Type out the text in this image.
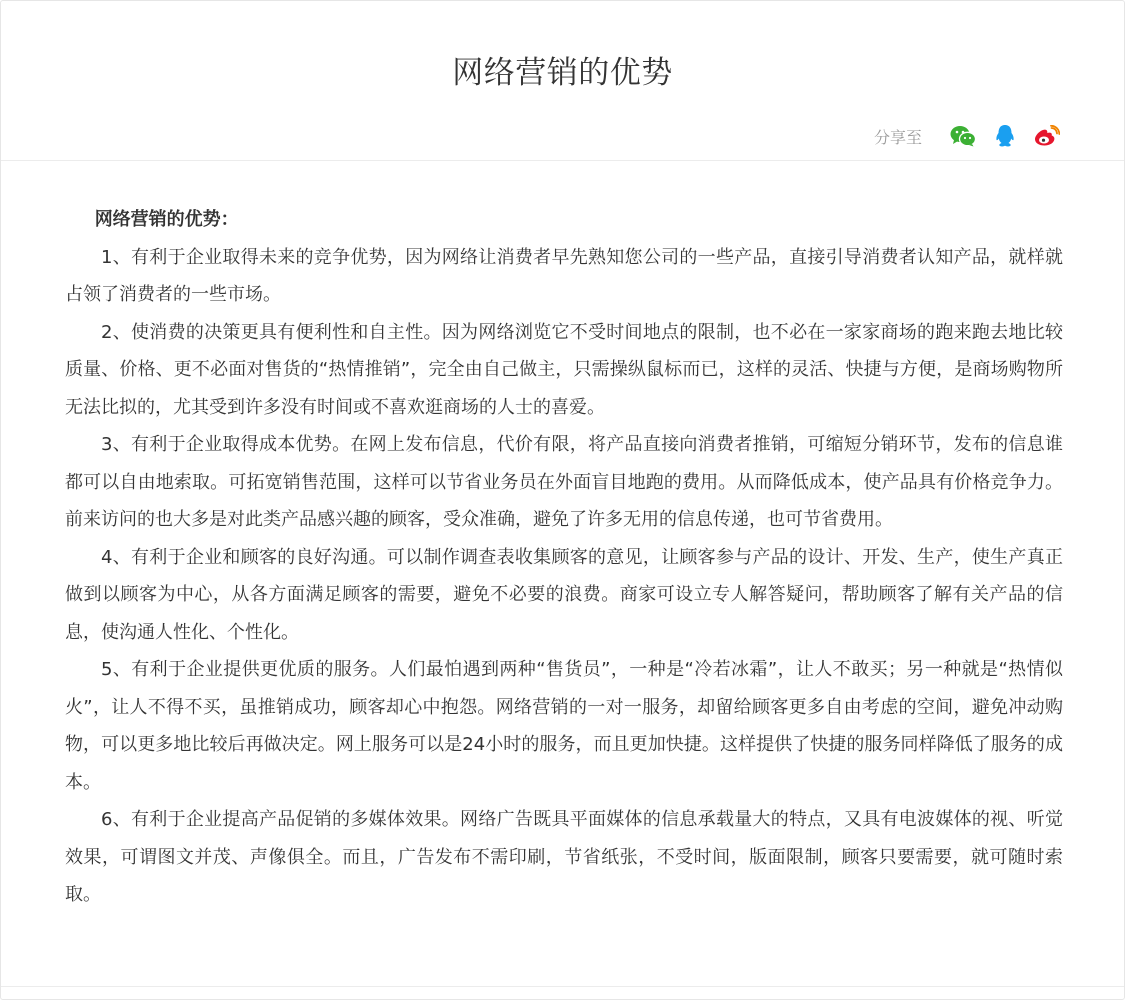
网络营销的优势
分享至

网络营销的优势：

1、有利于企业取得未来的竞争优势，因为网络让消费者早先熟知您公司的一些产品，直接引导消费者认知产品，就样就占领了消费者的一些市场。

2、使消费的决策更具有便利性和自主性。因为网络浏览它不受时间地点的限制，也不必在一家家商场的跑来跑去地比较质量、价格、更不必面对售货的“热情推销”，完全由自己做主，只需操纵鼠标而已，这样的灵活、快捷与方便，是商场购物所无法比拟的，尤其受到许多没有时间或不喜欢逛商场的人士的喜爱。

3、有利于企业取得成本优势。在网上发布信息，代价有限，将产品直接向消费者推销，可缩短分销环节，发布的信息谁都可以自由地索取。可拓宽销售范围，这样可以节省业务员在外面盲目地跑的费用。从而降低成本，使产品具有价格竞争力。前来访问的也大多是对此类产品感兴趣的顾客，受众准确，避免了许多无用的信息传递，也可节省费用。

4、有利于企业和顾客的良好沟通。可以制作调查表收集顾客的意见，让顾客参与产品的设计、开发、生产，使生产真正做到以顾客为中心，从各方面满足顾客的需要，避免不必要的浪费。商家可设立专人解答疑问，帮助顾客了解有关产品的信息，使沟通人性化、个性化。

5、有利于企业提供更优质的服务。人们最怕遇到两种“售货员”，一种是“冷若冰霜”，让人不敢买；另一种就是“热情似火”，让人不得不买，虽推销成功，顾客却心中抱怨。网络营销的一对一服务，却留给顾客更多自由考虑的空间，避免冲动购物，可以更多地比较后再做决定。网上服务可以是24小时的服务，而且更加快捷。这样提供了快捷的服务同样降低了服务的成本。

6、有利于企业提高产品促销的多媒体效果。网络广告既具平面媒体的信息承载量大的特点，又具有电波媒体的视、听觉效果，可谓图文并茂、声像俱全。而且，广告发布不需印刷，节省纸张，不受时间，版面限制，顾客只要需要，就可随时索取。
